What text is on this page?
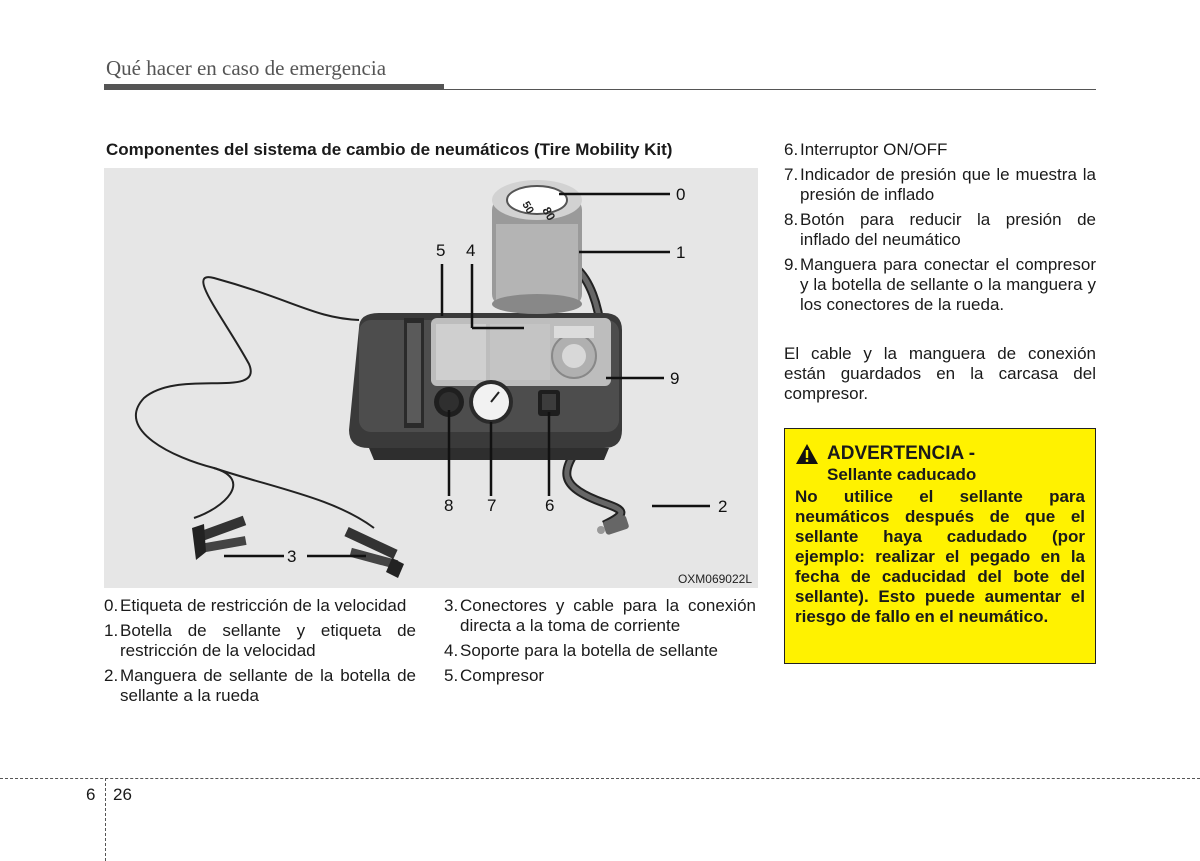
Qué hacer en caso de emergencia
Componentes del sistema de cambio de neumáticos (Tire Mobility Kit)
80
50
0
1
2
3
4
5
6
7
8
9
OXM069022L
0. Etiqueta de restricción de la velocidad
1. Botella de sellante y etiqueta de restricción de la velocidad
2. Manguera de sellante de la botella de sellante a la rueda
3. Conectores y cable para la conexión directa a la toma de corriente
4. Soporte para la botella de sellante
5. Compresor
6. Interruptor ON/OFF
7. Indicador de presión que le muestra la presión de inflado
8. Botón para reducir la presión de inflado del neumático
9. Manguera para conectar el compresor y la botella de sellante o la manguera y los conectores de la rueda.

El cable y la manguera de conexión están guardados en la carcasa del compresor.

ADVERTENCIA -
Sellante caducado
No utilice el sellante para neumáticos después de que el sellante haya cadudado (por ejemplo: realizar el pegado en la fecha de caducidad del bote del sellante). Esto puede aumentar el riesgo de fallo en el neumático.
6 26
